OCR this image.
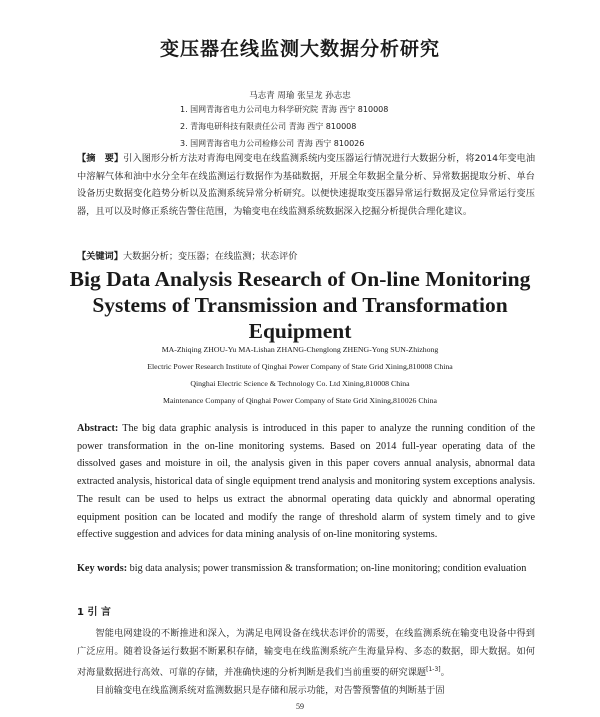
变压器在线监测大数据分析研究
马志青 周瑜 张呈龙 孙志忠
1. 国网青海省电力公司电力科学研究院 青海 西宁 810008
2. 青海电研科技有限责任公司 青海 西宁 810008
3. 国网青海省电力公司检修公司 青海 西宁 810026
【摘　要】引入图形分析方法对青海电网变电在线监测系统内变压器运行情况进行大数据分析，将2014年变电油中溶解气体和油中水分全年在线监测运行数据作为基础数据，开展全年数据全量分析、异常数据提取分析、单台设备历史数据变化趋势分析以及监测系统异常分析研究。以便快速提取变压器异常运行数据及定位异常运行变压器，且可以及时修正系统告警住范围，为输变电在线监测系统数据深入挖掘分析提供合理化建议。
【关键词】大数据分析；变压器；在线监测；状态评价
Big Data Analysis Research of On-line Monitoring Systems of Transmission and Transformation Equipment
MA-Zhiqing ZHOU-Yu MA-Lishan ZHANG-Chenglong ZHENG-Yong SUN-Zhizhong
Electric Power Research Institute of Qinghai Power Company of State Grid Xining,810008 China
Qinghai Electric Science & Technology Co. Ltd Xining,810008 China
Maintenance Company of Qinghai Power Company of State Grid Xining,810026 China
Abstract: The big data graphic analysis is introduced in this paper to analyze the running condition of the power transformation in the on-line monitoring systems. Based on 2014 full-year operating data of the dissolved gases and moisture in oil, the analysis given in this paper covers annual analysis, abnormal data extracted analysis, historical data of single equipment trend analysis and monitoring system exceptions analysis. The result can be used to helps us extract the abnormal operating data quickly and abnormal operating equipment position can be located and modify the range of threshold alarm of system timely and to give effective suggestion and advices for data mining analysis of on-line monitoring systems.
Key words: big data analysis; power transmission & transformation; on-line monitoring; condition evaluation
1 引 言

智能电网建设的不断推进和深入，为满足电网设备在线状态评价的需要，在线监测系统在输变电设备中得到广泛应用。随着设备运行数据不断累积存储，输变电在线监测系统产生海量异构、多态的数据，即大数据。如何对海量数据进行高效、可靠的存储，并准确快速的分析判断是我们当前重要的研究课题[1-3]。

目前输变电在线监测系统对监测数据只是存储和展示功能，对告警预警值的判断基于固

59
